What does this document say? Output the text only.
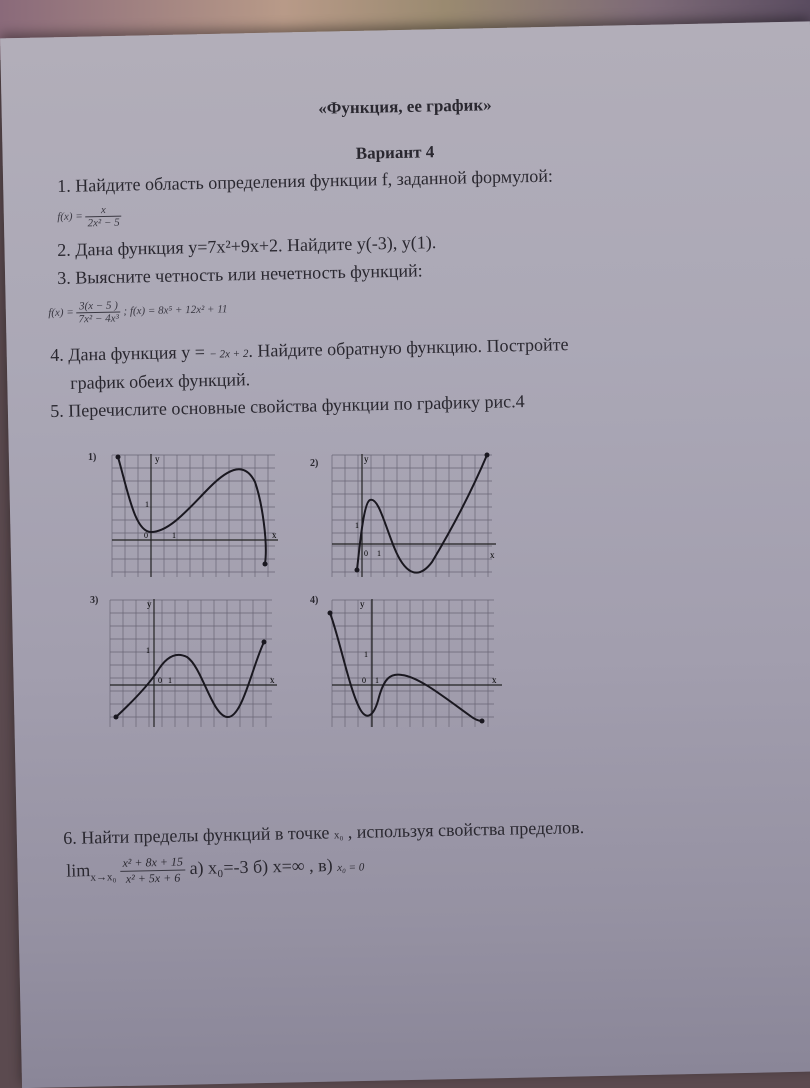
«Функция, ее график»
Вариант 4
1. Найдите область определения функции f, заданной формулой:
$f(x) = \frac{x}{\text{2x² − 5}}$
2. Дана функция y=7x²+9x+2. Найдите y(-3), y(1).
3. Выясните четность или нечетность функций:
$f(x) = \frac{3(x - 5 )}{\text{7x² − 4x³}}$ ; f(x) = 8x⁵ + 12x² + 11
4. Дана функция y = − 2x + 2. Найдите обратную функцию. Постройте
график обеих функций.
5. Перечислите основные свойства функции по графику рис.4
1)	y
x
0	1
1
2)	y
x
0 1
1
3)	y
x
0 1
1
4)	y
x
0 1
1
6. Найти пределы функций в точке x₀ , используя свойства пределов.
$\lim_{x\to x_0} \frac{\text{x² + 8x + 15}}{\text{x² + 5x + 6}} а$) x₀=-3 б) x=∞ , в) x₀ = 0
